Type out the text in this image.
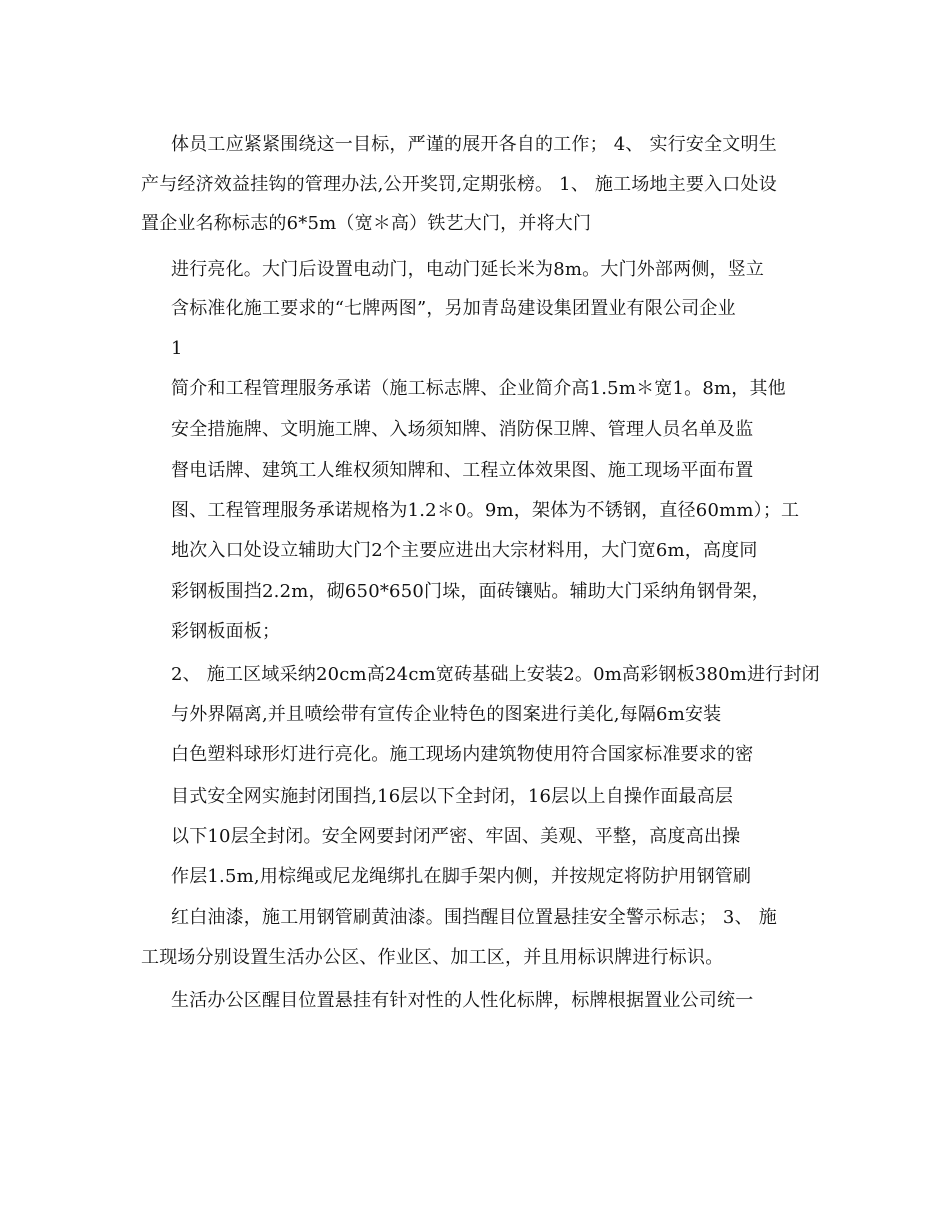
体员工应紧紧围绕这一目标，严谨的展开各自的工作； 4、 实行安全文明生
产与经济效益挂钩的管理办法,公开奖罚,定期张榜。 1、 施工场地主要入口处设
置企业名称标志的6*5m（宽＊高）铁艺大门，并将大门
进行亮化。大门后设置电动门，电动门延长米为8m。大门外部两侧，竖立
含标准化施工要求的“七牌两图”，另加青岛建设集团置业有限公司企业
1
简介和工程管理服务承诺（施工标志牌、企业简介高1.5m＊宽1。8m，其他
安全措施牌、文明施工牌、入场须知牌、消防保卫牌、管理人员名单及监
督电话牌、建筑工人维权须知牌和、工程立体效果图、施工现场平面布置
图、工程管理服务承诺规格为1.2＊0。9m，架体为不锈钢，直径60mm）；工
地次入口处设立辅助大门2个主要应进出大宗材料用，大门宽6m，高度同
彩钢板围挡2.2m，砌650*650门垛，面砖镶贴。辅助大门采纳角钢骨架，
彩钢板面板；
2、 施工区域采纳20cm高24cm宽砖基础上安装2。0m高彩钢板380m进行封闭
与外界隔离,并且喷绘带有宣传企业特色的图案进行美化,每隔6m安装
白色塑料球形灯进行亮化。施工现场内建筑物使用符合国家标准要求的密
目式安全网实施封闭围挡,16层以下全封闭，16层以上自操作面最高层
以下10层全封闭。安全网要封闭严密、牢固、美观、平整，高度高出操
作层1.5m,用棕绳或尼龙绳绑扎在脚手架内侧，并按规定将防护用钢管刷
红白油漆，施工用钢管刷黄油漆。围挡醒目位置悬挂安全警示标志； 3、 施
工现场分别设置生活办公区、作业区、加工区，并且用标识牌进行标识。
生活办公区醒目位置悬挂有针对性的人性化标牌，标牌根据置业公司统一
